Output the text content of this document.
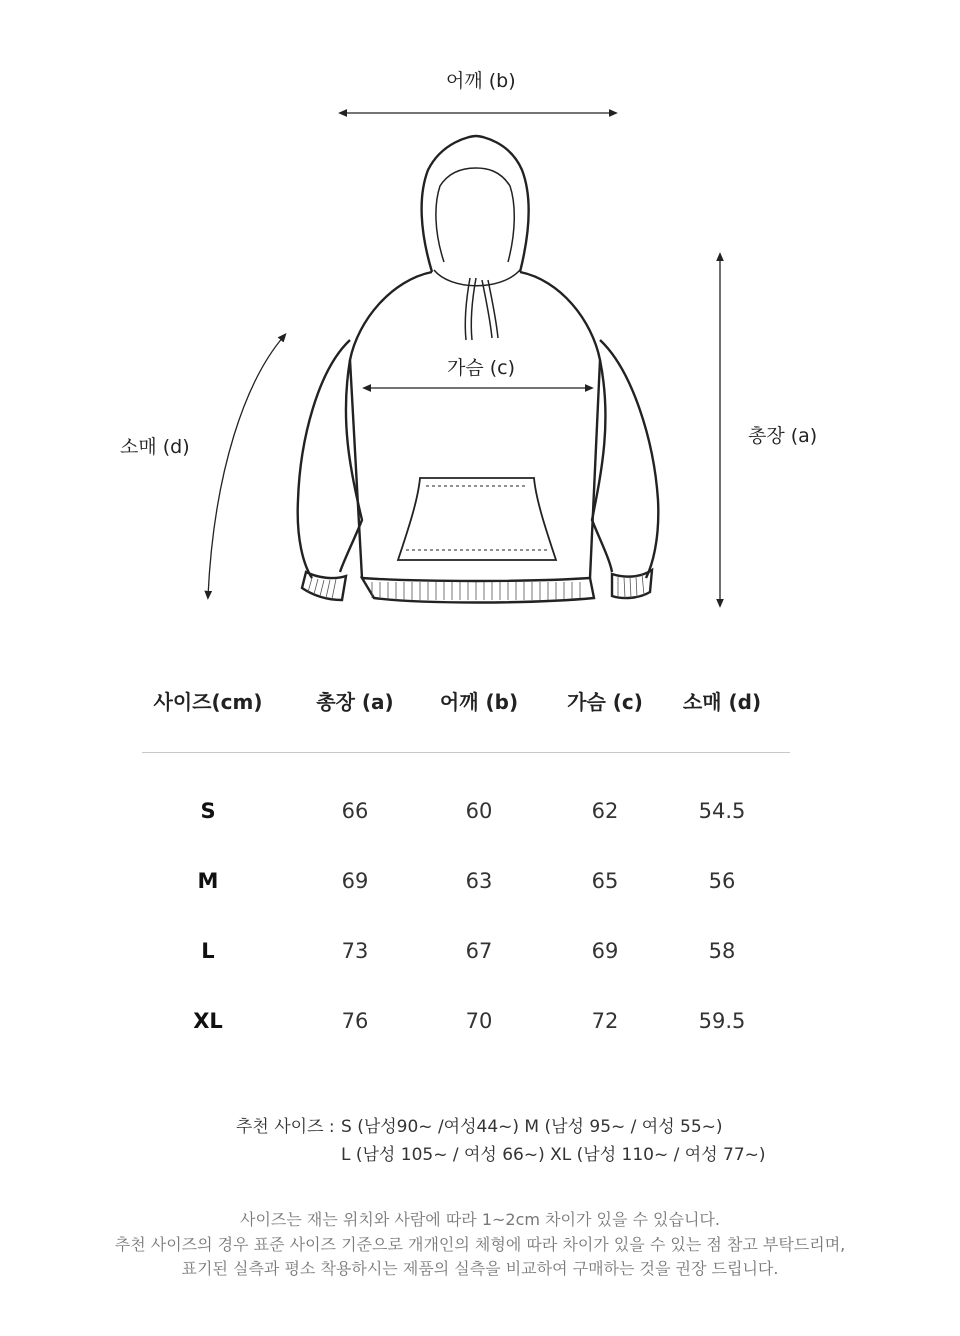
어깨 (b)
가슴 (c)
총장 (a)
소매 (d)
사이즈(cm)	총장 (a)	어깨 (b)	가슴 (c)	소매 (d)
S	66	60	62	54.5
M	69	63	65	56
L	73	67	69	58
XL	76	70	72	59.5
추천 사이즈 : S (남성90~ /여성44~) M (남성 95~ / 여성 55~)
L (남성 105~ / 여성 66~) XL (남성 110~ / 여성 77~)
사이즈는 재는 위치와 사람에 따라 1~2cm 차이가 있을 수 있습니다.
추천 사이즈의 경우 표준 사이즈 기준으로 개개인의 체형에 따라 차이가 있을 수 있는 점 참고 부탁드리며,
표기된 실측과 평소 착용하시는 제품의 실측을 비교하여 구매하는 것을 권장 드립니다.
